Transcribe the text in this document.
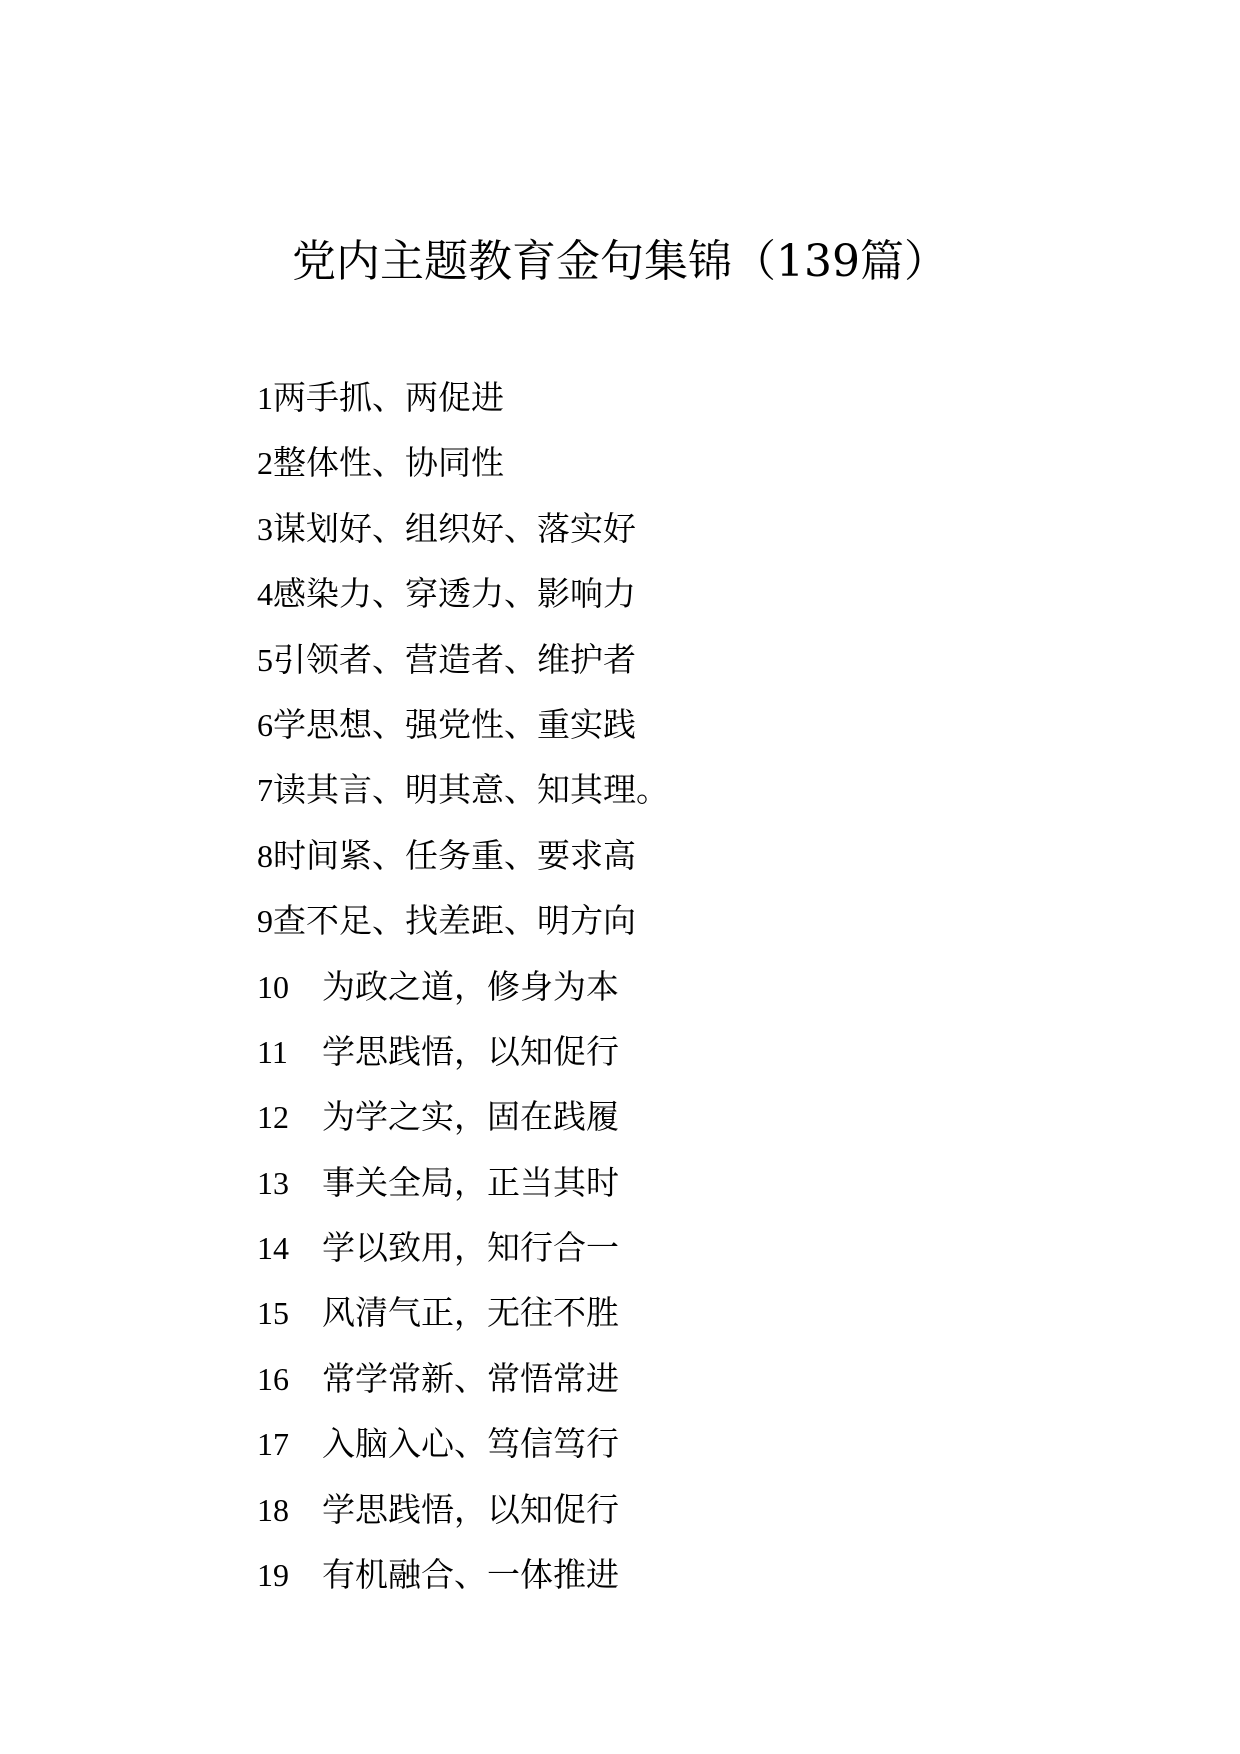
党内主题教育金句集锦（139篇）
1两手抓、两促进
2整体性、协同性
3谋划好、组织好、落实好
4感染力、穿透力、影响力
5引领者、营造者、维护者
6学思想、强党性、重实践
7读其言、明其意、知其理。
8时间紧、任务重、要求高
9查不足、找差距、明方向
10 为政之道，修身为本
11 学思践悟，以知促行
12 为学之实，固在践履
13 事关全局，正当其时
14 学以致用，知行合一
15 风清气正，无往不胜
16 常学常新、常悟常进
17 入脑入心、笃信笃行
18 学思践悟，以知促行
19 有机融合、一体推进
